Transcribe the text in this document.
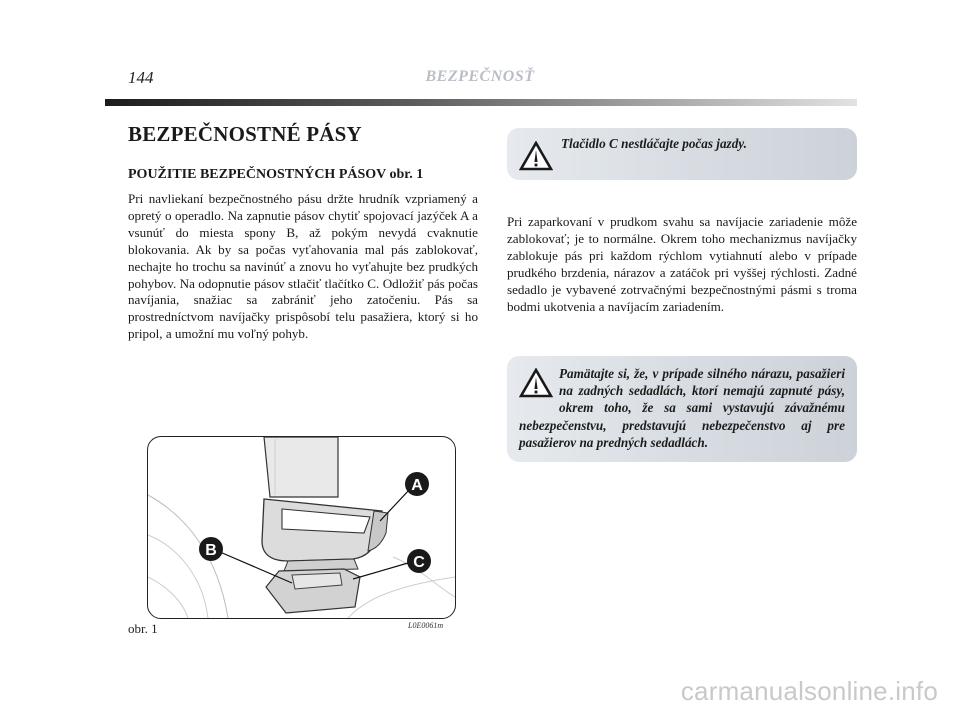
144	BEZPEČNOSŤ
BEZPEČNOSTNÉ PÁSY
POUŽITIE BEZPEČNOSTNÝCH PÁSOV obr. 1

Pri navliekaní bezpečnostného pásu držte hrudník vzpriamený a opretý o operadlo. Na zapnutie pásov chytiť spojovací jazýček A a vsunúť do miesta spony B, až pokým nevydá cvaknutie blokovania. Ak by sa počas vyťahovania mal pás zablokovať, nechajte ho trochu sa navinúť a znovu ho vyťahujte bez prudkých pohybov. Na odopnutie pásov stlačiť tlačítko C. Odložiť pás počas navíjania, snažiac sa zabrániť jeho zatočeniu. Pás sa prostredníctvom navíjačky prispôsobí telu pasažiera, ktorý si ho pripol, a umožní mu voľný pohyb.

Tlačidlo C nestláčajte počas jazdy.
Pamätajte si, že, v prípade silného nárazu, pasažieri na zadných sedadlách, ktorí nemajú zapnuté pásy, okrem toho, že sa sami vystavujú závažnému nebezpečenstvu, predstavujú nebezpečenstvo aj pre pasažierov na predných sedadlách.

Pri zaparkovaní v prudkom svahu sa navíjacie zariadenie môže zablokovať; je to normálne. Okrem toho mechanizmus navíjačky zablokuje pás pri každom rýchlom vytiahnutí alebo v prípade prudkého brzdenia, nárazov a zatáčok pri vyššej rýchlosti. Zadné sedadlo je vybavené zotrvačnými bezpečnostnými pásmi s troma bodmi ukotvenia a navíjacím zariadením.

A
B
C
obr. 1	L0E0061m
carmanualsonline.info
